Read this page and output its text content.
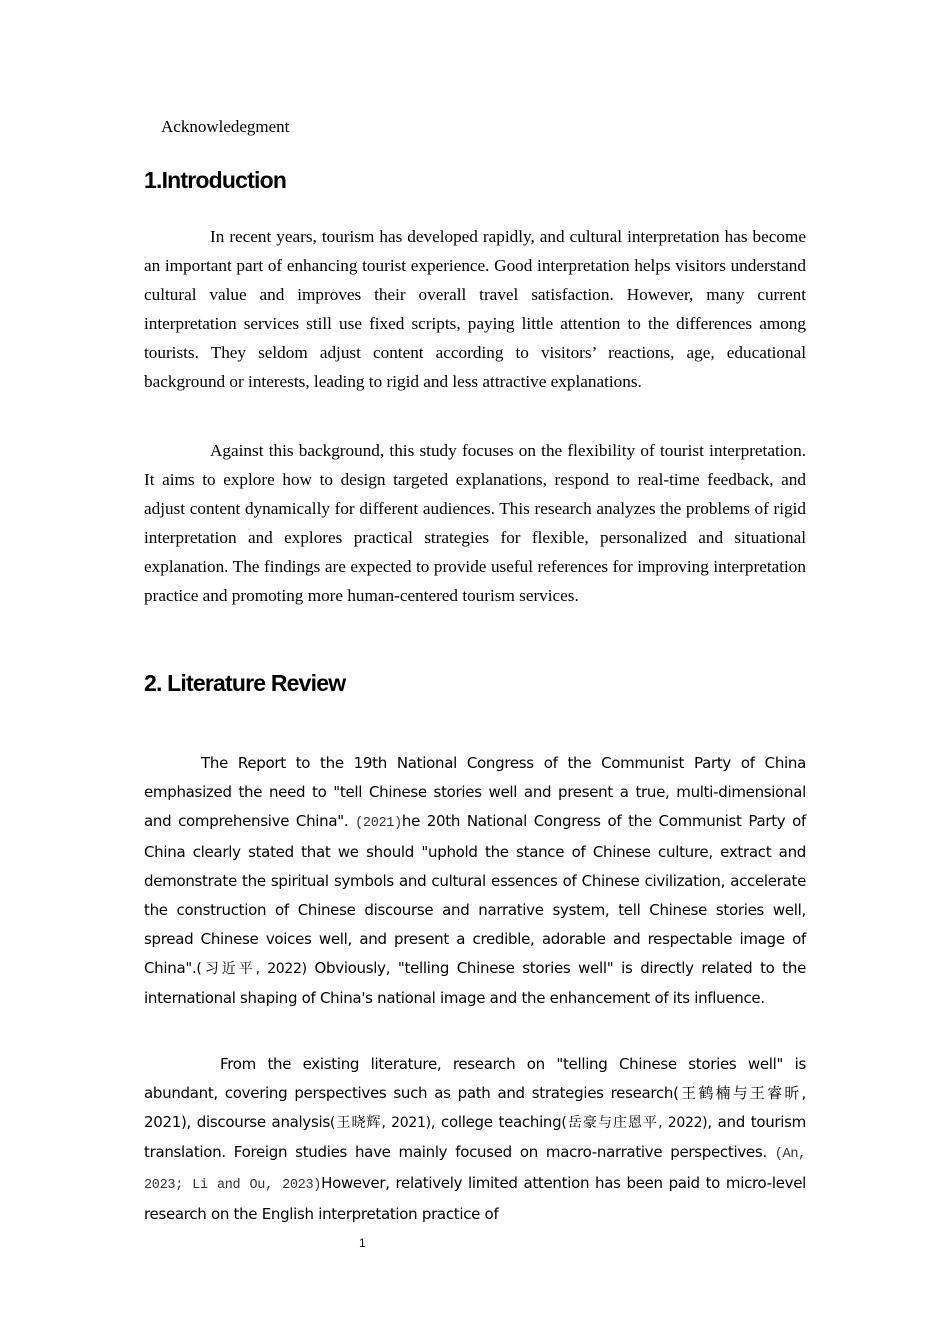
Acknowledegment
1.Introduction

In recent years, tourism has developed rapidly, and cultural interpretation has become an important part of enhancing tourist experience. Good interpretation helps visitors understand cultural value and improves their overall travel satisfaction. However, many current interpretation services still use fixed scripts, paying little attention to the differences among tourists. They seldom adjust content according to visitors’ reactions, age, educational background or interests, leading to rigid and less attractive explanations.

Against this background, this study focuses on the flexibility of tourist interpretation. It aims to explore how to design targeted explanations, respond to real-time feedback, and adjust content dynamically for different audiences. This research analyzes the problems of rigid interpretation and explores practical strategies for flexible, personalized and situational explanation. The findings are expected to provide useful references for improving interpretation practice and promoting more human-centered tourism services.

2. Literature Review

The Report to the 19th National Congress of the Communist Party of China emphasized the need to "tell Chinese stories well and present a true, multi-dimensional and comprehensive China". (2021)he 20th National Congress of the Communist Party of China clearly stated that we should "uphold the stance of Chinese culture, extract and demonstrate the spiritual symbols and cultural essences of Chinese civilization, accelerate the construction of Chinese discourse and narrative system, tell Chinese stories well, spread Chinese voices well, and present a credible, adorable and respectable image of China".(习近平, 2022) Obviously, "telling Chinese stories well" is directly related to the international shaping of China's national image and the enhancement of its influence.

From the existing literature, research on "telling Chinese stories well" is abundant, covering perspectives such as path and strategies research(王鹤楠与王睿昕, 2021), discourse analysis(王晓辉, 2021), college teaching(岳豪与庄恩平, 2022), and tourism translation. Foreign studies have mainly focused on macro-narrative perspectives. (An, 2023; Li and Ou, 2023)However, relatively limited attention has been paid to micro-level research on the English interpretation practice of

1
